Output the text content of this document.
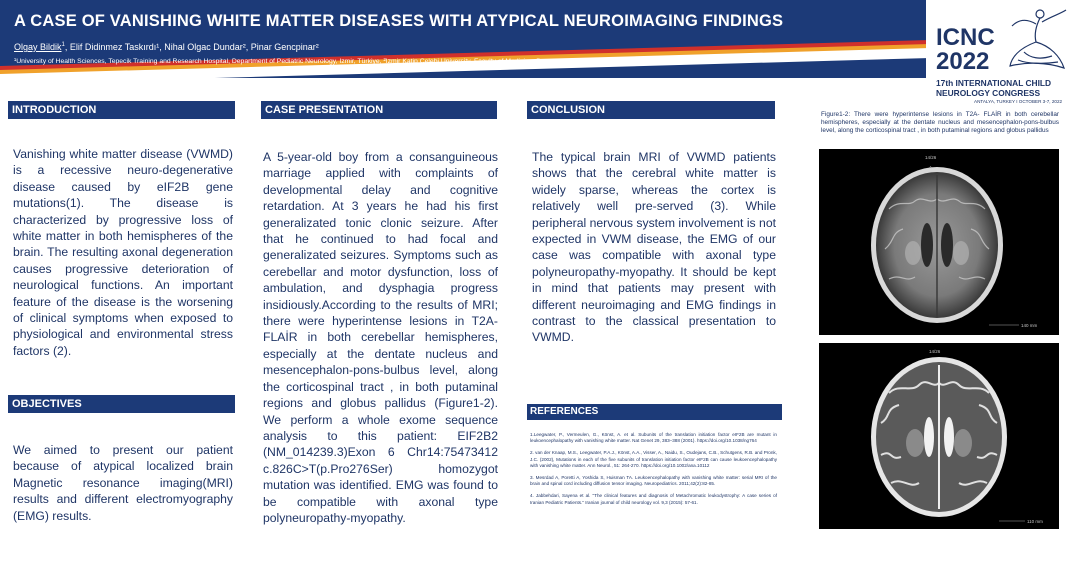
A CASE OF VANISHING WHITE MATTER DISEASES WITH ATYPICAL NEUROIMAGING FINDINGS
Olgay Bildik$^1$, Elif Didinmez Taskırdı¹, Nihal Olgac Dundar², Pinar Gencpinar²
¹University of Health Sciences, Tepecik Training and Research Hospital, Department of Pediatric Neurology, Izmir, Türkiye, ²Izmir Katip Celebi University, Faculty of Medicine, Department of Pediatric Neurology, Izmir,
ICNC
2022
17th INTERNATIONAL CHILD
NEUROLOGY CONGRESS
ANTALYA, TURKEY I OCTOBER 3-7, 2022
INTRODUCTION
Vanishing white matter disease (VWMD) is a recessive neuro-degenerative disease caused by eIF2B gene mutations(1). The disease is characterized by progressive loss of white matter in both hemispheres of the brain. The resulting axonal degeneration causes progressive deterioration of neurological functions. An important feature of the disease is the worsening of clinical symptoms when exposed to physiological and environmental stress factors (2).
OBJECTIVES
We aimed to present our patient because of atypical localized brain Magnetic resonance imaging(MRI) results and different electromyography (EMG) results.
CASE PRESENTATION
A 5-year-old boy from a consanguineous marriage applied with complaints of developmental delay and cognitive retardation. At 3 years he had his first generalizated tonic clonic seizure. After that he continued to had focal and generalizated seizures. Symptoms such as cerebellar and motor dysfunction, loss of ambulation, and dysphagia progress insidiously.According to the results of MRI; there were hyperintense lesions in T2A- FLAİR in both cerebellar hemispheres, especially at the dentate nucleus and mesencephalon-pons-bulbus level, along the corticospinal tract , in both putaminal regions and globus pallidus (Figure1-2). We perform a whole exome sequence analysis to this patient: EIF2B2 (NM_014239.3)Exon 6 Chr14:75473412 c.826C>T(p.Pro276Ser) homozygot mutation was identified. EMG was found to be compatible with axonal type polyneuropathy-myopathy.
CONCLUSION
The typical brain MRI of VWMD patients shows that the cerebral white matter is widely sparse, whereas the cortex is relatively well pre-served (3). While peripheral nervous system involvement is not expected in VWM disease, the EMG of our case was compatible with axonal type polyneuropathy-myopathy. It should be kept in mind that patients may present with different neuroimaging and EMG findings in contrast to the classical presentation to VWMD.
REFERENCES
1.Leegwater, P., Vermeulen, G., Könst, A. et al. Subunits of the translation initiation factor eIF2B are mutant in leukoencephalopathy with vanishing white matter. Nat Genet 29, 383–388 (2001). https://doi.org/10.1038/ng764
2. van der Knaap, M.S., Leegwater, P.A.J., Könst, A.A., Visser, A., Naidu, S., Oudejans, C.B., Schutgens, R.B. and Pronk, J.C. (2002), Mutations in each of the five subunits of translation initiation factor eIF2B can cause leukoencephalopathy with vanishing white matter. Ann Neurol., 51: 264-270. https://doi.org/10.1002/ana.10112
3. Mesrdad A, Poretti A, Yoshida S, Huisman TA. Leukoencephalopathy with vanishing white matter: serial MRI of the brain and spinal cord including diffusion tensor imaging. Neuropediatrics. 2011;42(2):82-85.
4. Jabbehdari, Sayena et al. "The clinical features and diagnosis of Metachromatic leukodystrophy: A case series of Iranian Pediatric Patients." Iranian journal of child neurology vol. 9,3 (2015): 57-61.
Figure1-2: There were hyperintense lesions in T2A- FLAİR in both cerebellar hemispheres, especially at the dentate nucleus and mesencephalon-pons-bulbus level, along the corticospinal tract , in both putaminal regions and globus pallidus
14/26
A
140 mm
14/26
110 mm
